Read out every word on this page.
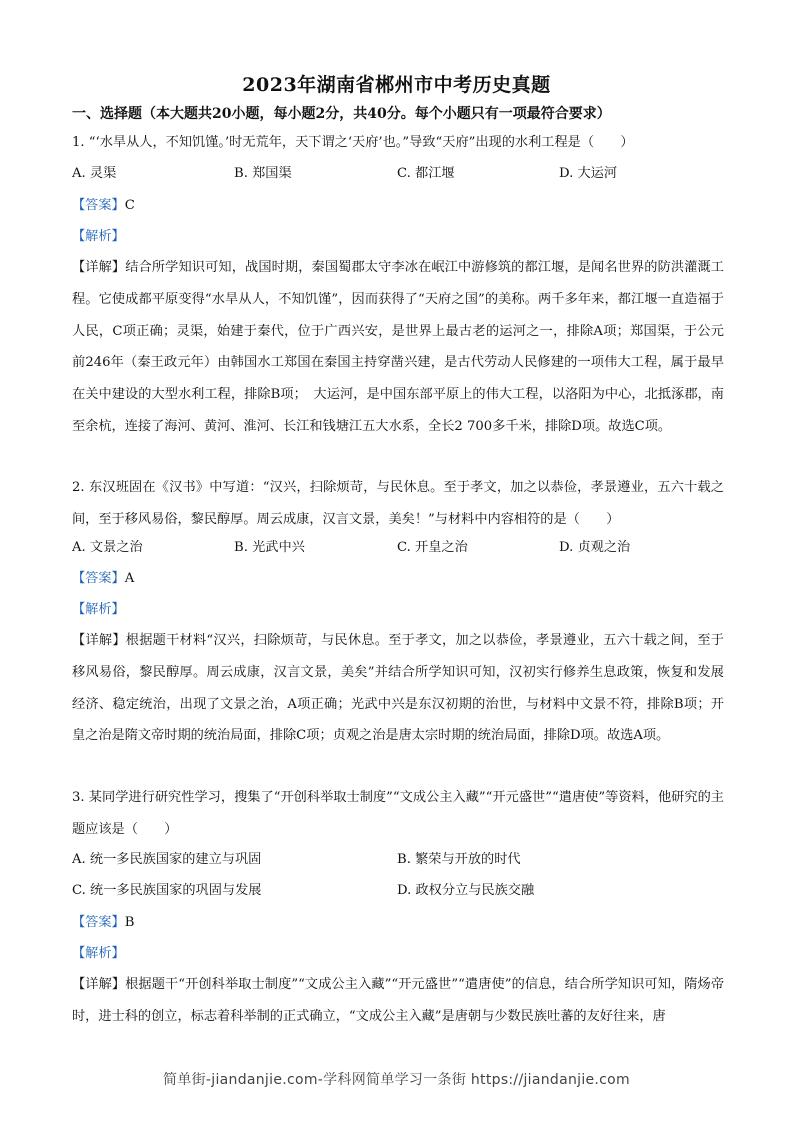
2023年湖南省郴州市中考历史真题
一、选择题（本大题共20小题，每小题2分，共40分。每个小题只有一项最符合要求）
1. “‘水旱从人，不知饥馑。’时无荒年，天下谓之‘天府’也。”导致“天府”出现的水利工程是（　　）
A. 灵渠	B. 郑国渠	C. 都江堰	D. 大运河
【答案】C
【解析】
【详解】结合所学知识可知，战国时期，秦国蜀郡太守李冰在岷江中游修筑的都江堰，是闻名世界的防洪灌溉工程。它使成都平原变得“水旱从人，不知饥馑”，因而获得了“天府之国”的美称。两千多年来，都江堰一直造福于人民，C项正确；灵渠，始建于秦代，位于广西兴安，是世界上最古老的运河之一，排除A项；郑国渠，于公元前246年（秦王政元年）由韩国水工郑国在秦国主持穿凿兴建，是古代劳动人民修建的一项伟大工程，属于最早在关中建设的大型水利工程，排除B项；　大运河，是中国东部平原上的伟大工程，以洛阳为中心，北抵涿郡，南至余杭，连接了海河、黄河、淮河、长江和钱塘江五大水系，全长2 700多千米，排除D项。故选C项。
2. 东汉班固在《汉书》中写道：“汉兴，扫除烦苛，与民休息。至于孝文，加之以恭俭，孝景遵业，五六十载之间，至于移风易俗，黎民醇厚。周云成康，汉言文景，美矣！”与材料中内容相符的是（　　）
A. 文景之治	B. 光武中兴	C. 开皇之治	D. 贞观之治
【答案】A
【解析】
【详解】根据题干材料“汉兴，扫除烦苛，与民休息。至于孝文，加之以恭俭，孝景遵业，五六十载之间，至于移风易俗，黎民醇厚。周云成康，汉言文景，美矣”并结合所学知识可知，汉初实行修养生息政策，恢复和发展经济、稳定统治，出现了文景之治，A项正确；光武中兴是东汉初期的治世，与材料中文景不符，排除B项；开皇之治是隋文帝时期的统治局面，排除C项；贞观之治是唐太宗时期的统治局面，排除D项。故选A项。
3. 某同学进行研究性学习，搜集了“开创科举取士制度”“文成公主入藏”“开元盛世”“遣唐使”等资料，他研究的主题应该是（　　）
A. 统一多民族国家的建立与巩固	B. 繁荣与开放的时代
C. 统一多民族国家的巩固与发展	D. 政权分立与民族交融
【答案】B
【解析】
【详解】根据题干“开创科举取士制度”“文成公主入藏”“开元盛世”“遣唐使”的信息，结合所学知识可知，隋炀帝时，进士科的创立，标志着科举制的正式确立，“文成公主入藏”是唐朝与少数民族吐蕃的友好往来，唐
简单街-jiandanjie.com-学科网简单学习一条街 https://jiandanjie.com
